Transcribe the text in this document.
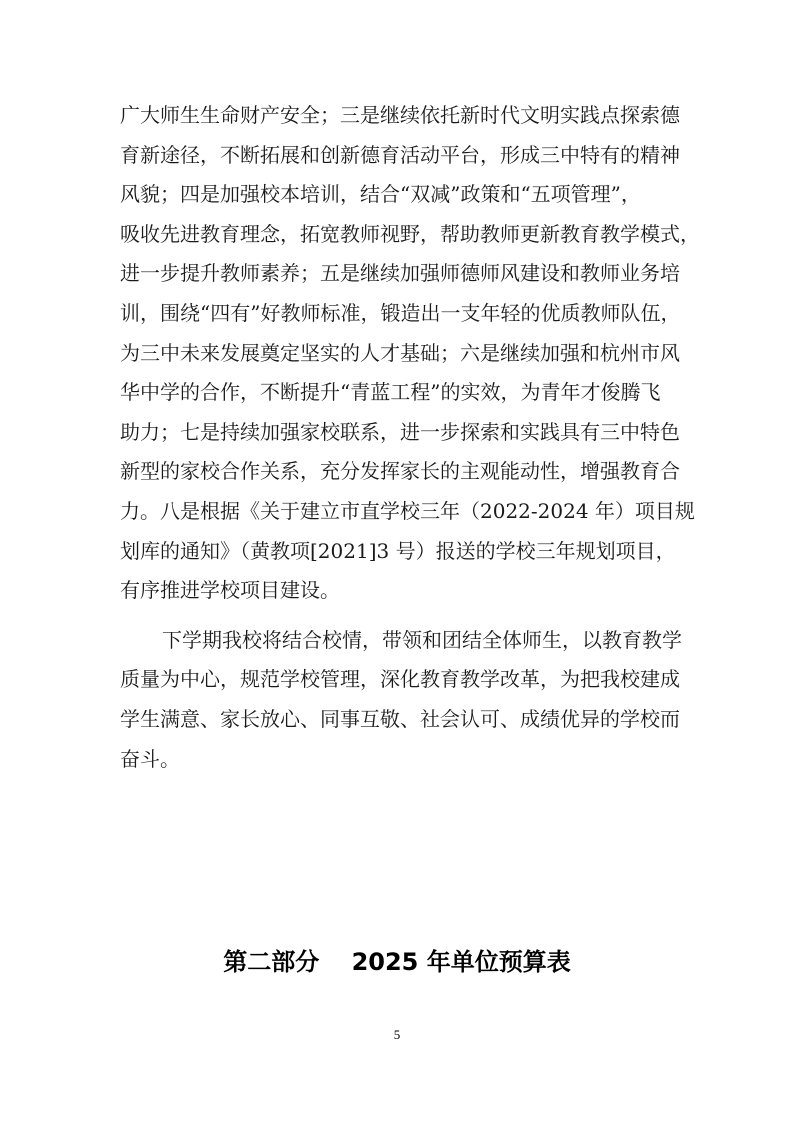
广大师生生命财产安全；三是继续依托新时代文明实践点探索德
育新途径，不断拓展和创新德育活动平台，形成三中特有的精神
风貌；四是加强校本培训，结合“双减”政策和“五项管理”，
吸收先进教育理念，拓宽教师视野，帮助教师更新教育教学模式，
进一步提升教师素养；五是继续加强师德师风建设和教师业务培
训，围绕“四有”好教师标准，锻造出一支年轻的优质教师队伍，
为三中未来发展奠定坚实的人才基础；六是继续加强和杭州市风
华中学的合作，不断提升“青蓝工程”的实效，为青年才俊腾飞
助力；七是持续加强家校联系，进一步探索和实践具有三中特色
新型的家校合作关系，充分发挥家长的主观能动性，增强教育合
力。八是根据《关于建立市直学校三年（2022-2024 年）项目规
划库的通知》（黄教项[2021]3 号）报送的学校三年规划项目，
有序推进学校项目建设。
下学期我校将结合校情，带领和团结全体师生，以教育教学
质量为中心，规范学校管理，深化教育教学改革，为把我校建成
学生满意、家长放心、同事互敬、社会认可、成绩优异的学校而
奋斗。
第二部分　 2025 年单位预算表
5
